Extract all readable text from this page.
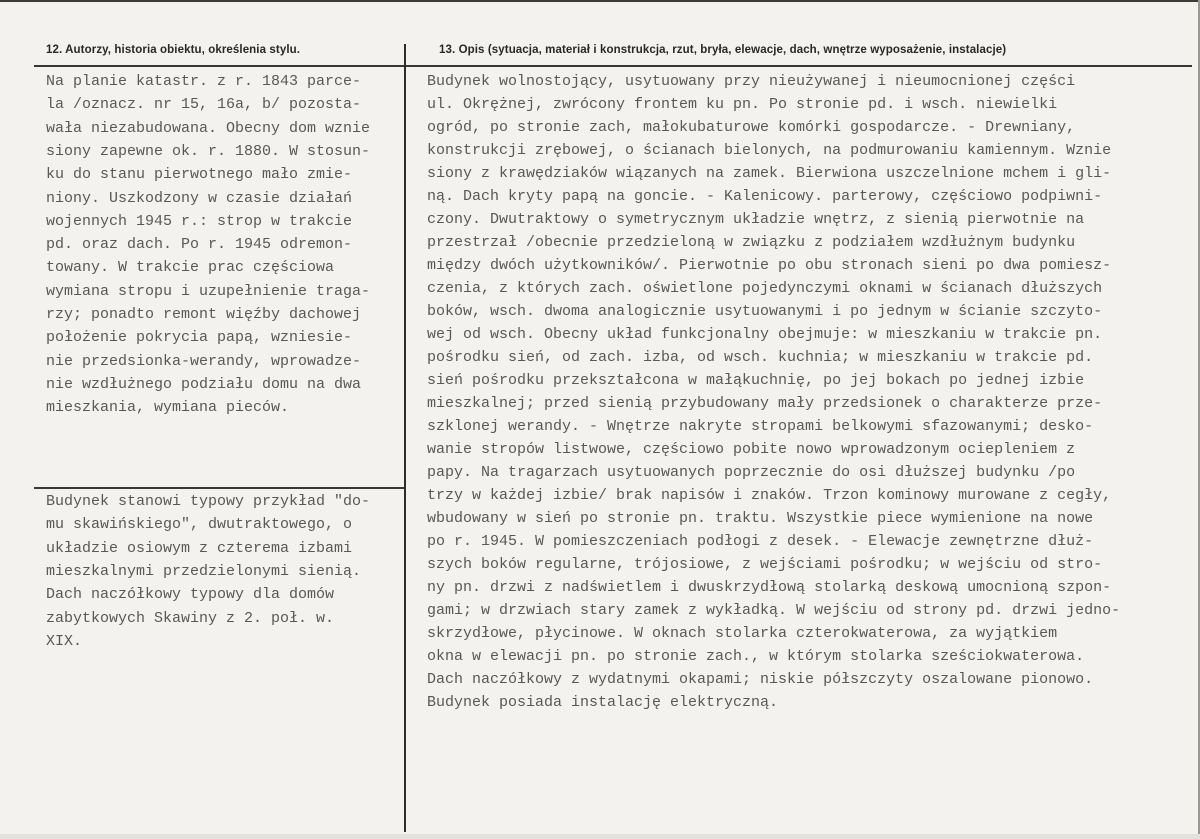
12. Autorzy, historia obiektu, określenia stylu.	13. Opis (sytuacja, materiał i konstrukcja, rzut, bryła, elewacje, dach, wnętrze wyposażenie, instalacje)
Na planie katastr. z r. 1843 parce-
la /oznacz. nr 15, 16a, b/ pozosta-
wała niezabudowana. Obecny dom wznie
siony zapewne ok. r. 1880. W stosun-
ku do stanu pierwotnego mało zmie-
niony. Uszkodzony w czasie działań
wojennych 1945 r.: strop w trakcie
pd. oraz dach. Po r. 1945 odremon-
towany. W trakcie prac częściowa
wymiana stropu i uzupełnienie traga-
rzy; ponadto remont więźby dachowej
położenie pokrycia papą, wzniesie-
nie przedsionka-werandy, wprowadze-
nie wzdłużnego podziału domu na dwa
mieszkania, wymiana pieców.
Budynek stanowi typowy przykład "do-
mu skawińskiego", dwutraktowego, o
układzie osiowym z czterema izbami
mieszkalnymi przedzielonymi sienią.
Dach naczółkowy typowy dla domów
zabytkowych Skawiny z 2. poł. w.
XIX.
Budynek wolnostojący, usytuowany przy nieużywanej i nieumocnionej części
ul. Okrężnej, zwrócony frontem ku pn. Po stronie pd. i wsch. niewielki
ogród, po stronie zach, małokubaturowe komórki gospodarcze. - Drewniany,
konstrukcji zrębowej, o ścianach bielonych, na podmurowaniu kamiennym. Wznie
siony z krawędziaków wiązanych na zamek. Bierwiona uszczelnione mchem i gli-
ną. Dach kryty papą na goncie. - Kalenicowy. parterowy, częściowo podpiwni-
czony. Dwutraktowy o symetrycznym układzie wnętrz, z sienią pierwotnie na
przestrzał /obecnie przedzieloną w związku z podziałem wzdłużnym budynku
między dwóch użytkowników/. Pierwotnie po obu stronach sieni po dwa pomiesz-
czenia, z których zach. oświetlone pojedynczymi oknami w ścianach dłuższych
boków, wsch. dwoma analogicznie usytuowanymi i po jednym w ścianie szczyto-
wej od wsch. Obecny układ funkcjonalny obejmuje: w mieszkaniu w trakcie pn.
pośrodku sień, od zach. izba, od wsch. kuchnia; w mieszkaniu w trakcie pd.
sień pośrodku przekształcona w małąkuchnię, po jej bokach po jednej izbie
mieszkalnej; przed sienią przybudowany mały przedsionek o charakterze prze-
szklonej werandy. - Wnętrze nakryte stropami belkowymi sfazowanymi; desko-
wanie stropów listwowe, częściowo pobite nowo wprowadzonym ociepleniem z
papy. Na tragarzach usytuowanych poprzecznie do osi dłuższej budynku /po
trzy w każdej izbie/ brak napisów i znaków. Trzon kominowy murowane z cegły,
wbudowany w sień po stronie pn. traktu. Wszystkie piece wymienione na nowe
po r. 1945. W pomieszczeniach podłogi z desek. - Elewacje zewnętrzne dłuż-
szych boków regularne, trójosiowe, z wejściami pośrodku; w wejściu od stro-
ny pn. drzwi z nadświetlem i dwuskrzydłową stolarką deskową umocnioną szpon-
gami; w drzwiach stary zamek z wykładką. W wejściu od strony pd. drzwi jedno-
skrzydłowe, płycinowe. W oknach stolarka czterokwaterowa, za wyjątkiem
okna w elewacji pn. po stronie zach., w którym stolarka sześciokwaterowa.
Dach naczółkowy z wydatnymi okapami; niskie półszczyty oszalowane pionowo.
Budynek posiada instalację elektryczną.
